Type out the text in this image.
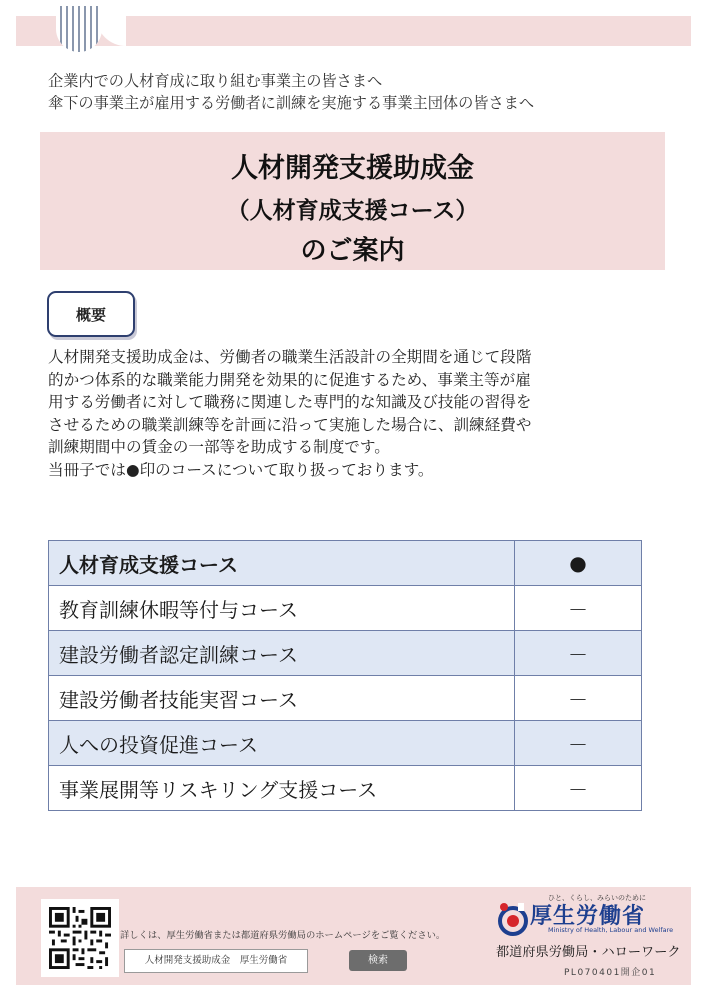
企業内での人材育成に取り組む事業主の皆さまへ
傘下の事業主が雇用する労働者に訓練を実施する事業主団体の皆さまへ
人材開発支援助成金
（人材育成支援コース）
のご案内
概要
人材開発支援助成金は、労働者の職業生活設計の全期間を通じて段階
的かつ体系的な職業能力開発を効果的に促進するため、事業主等が雇
用する労働者に対して職務に関連した専門的な知識及び技能の習得を
させるための職業訓練等を計画に沿って実施した場合に、訓練経費や
訓練期間中の賃金の一部等を助成する制度です。
当冊子では●印のコースについて取り扱っております。
人材育成支援コース	●
教育訓練休暇等付与コース	－
建設労働者認定訓練コース	－
建設労働者技能実習コース	－
人への投資促進コース	－
事業展開等リスキリング支援コース	－
詳しくは、厚生労働省または都道府県労働局のホームページをご覧ください。
人材開発支援助成金　厚生労働省	検索
ひと、くらし、みらいのために
厚生労働省
Ministry of Health, Labour and Welfare
都道府県労働局・ハローワーク
PL070401開企01
